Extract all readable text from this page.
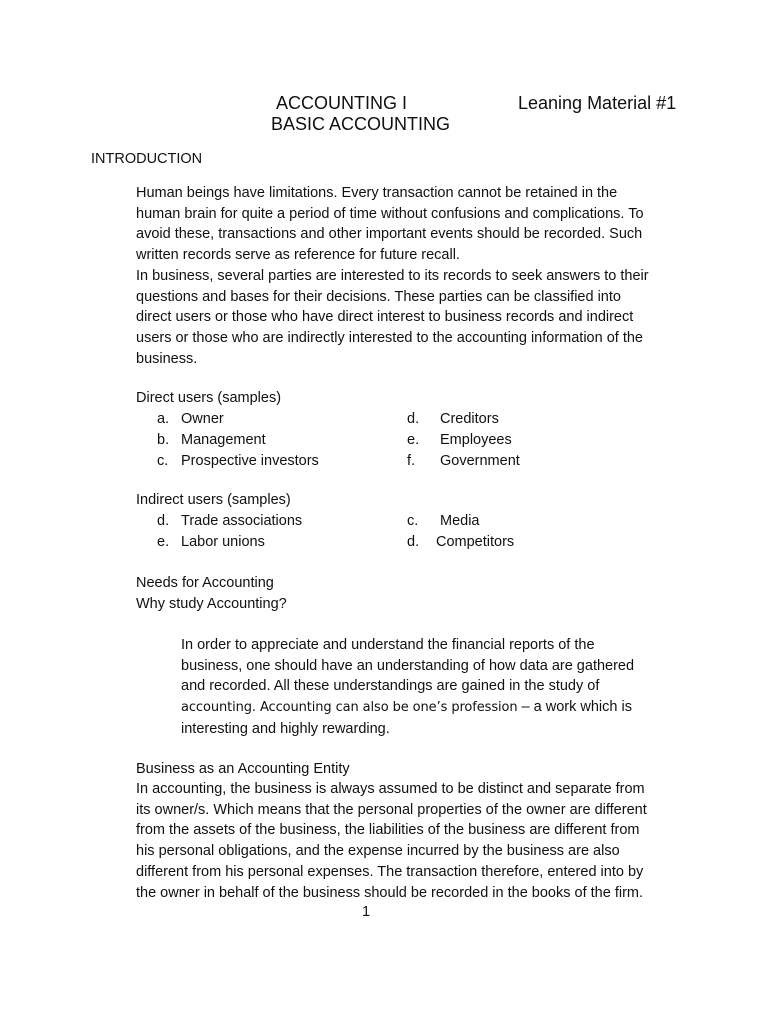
ACCOUNTING I	Leaning Material #1
BASIC ACCOUNTING
INTRODUCTION
Human beings have limitations. Every transaction cannot be retained in the
human brain for quite a period of time without confusions and complications. To
avoid these, transactions and other important events should be recorded. Such
written records serve as reference for future recall.
In business, several parties are interested to its records to seek answers to their
questions and bases for their decisions. These parties can be classified into
direct users or those who have direct interest to business records and indirect
users or those who are indirectly interested to the accounting information of the
business.
Direct users (samples)
a. Owner
b. Management
c. Prospective investors
d. Creditors
e. Employees
f. Government
Indirect users (samples)
d. Trade associations
e. Labor unions
c. Media
d. Competitors
Needs for Accounting
Why study Accounting?
In order to appreciate and understand the financial reports of the
business, one should have an understanding of how data are gathered
and recorded. All these understandings are gained in the study of
accounting. Accounting can also be one’s profession – a work which is
interesting and highly rewarding.
Business as an Accounting Entity
In accounting, the business is always assumed to be distinct and separate from
its owner/s. Which means that the personal properties of the owner are different
from the assets of the business, the liabilities of the business are different from
his personal obligations, and the expense incurred by the business are also
different from his personal expenses. The transaction therefore, entered into by
the owner in behalf of the business should be recorded in the books of the firm.
1
